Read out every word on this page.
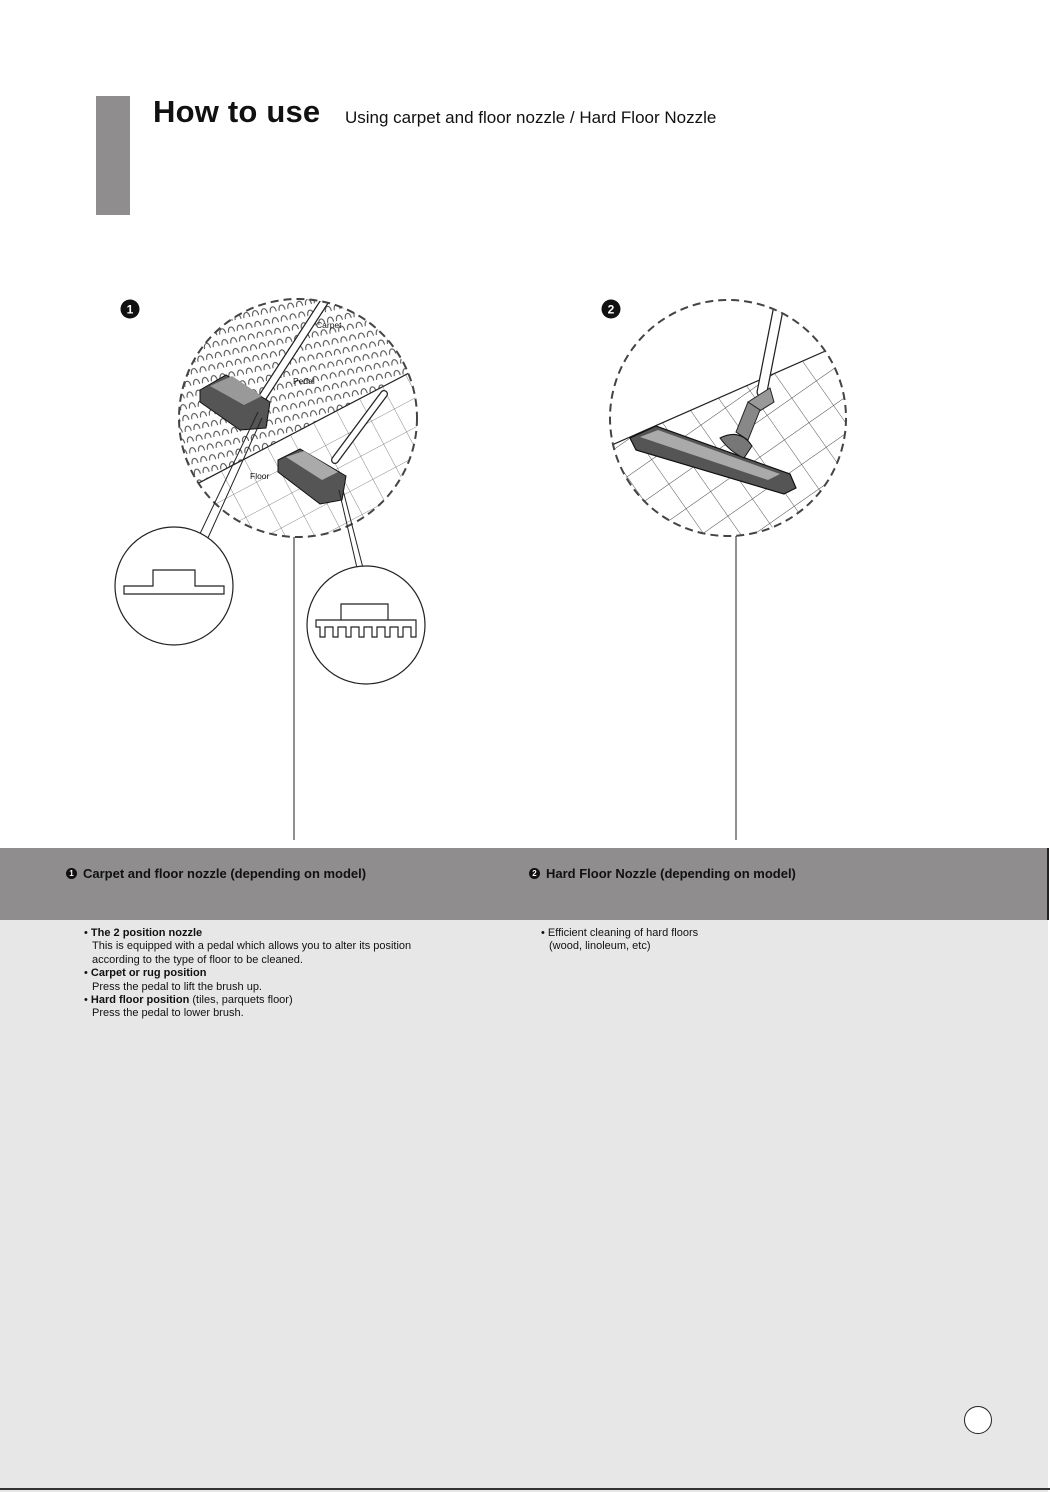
How to use Using carpet and floor nozzle / Hard Floor Nozzle
1
Carpet
Pedal
Floor
2
1 Carpet and floor nozzle (depending on model)	2 Hard Floor Nozzle (depending on model)
• The 2 position nozzle
This is equipped with a pedal which allows you to alter its position
according to the type of floor to be cleaned.
• Carpet or rug position
Press the pedal to lift the brush up.
• Hard floor position (tiles, parquets floor)
Press the pedal to lower brush.
• Efficient cleaning of hard floors
(wood, linoleum, etc)
